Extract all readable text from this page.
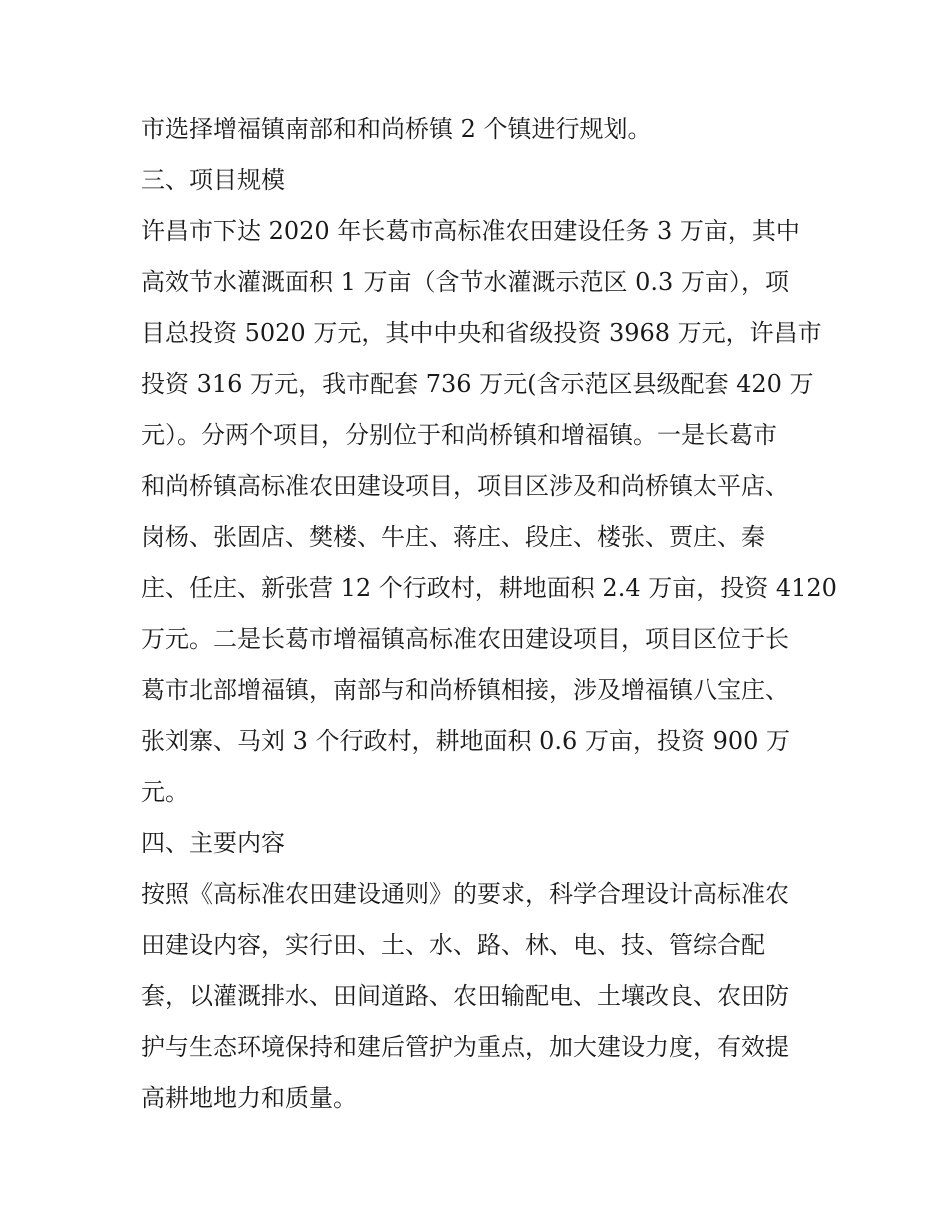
市选择增福镇南部和和尚桥镇 2 个镇进行规划。
三、项目规模
许昌市下达 2020 年长葛市高标准农田建设任务 3 万亩，其中
高效节水灌溉面积 1 万亩（含节水灌溉示范区 0.3 万亩），项
目总投资 5020 万元，其中中央和省级投资 3968 万元，许昌市
投资 316 万元，我市配套 736 万元(含示范区县级配套 420 万
元）。分两个项目，分别位于和尚桥镇和增福镇。一是长葛市
和尚桥镇高标准农田建设项目，项目区涉及和尚桥镇太平店、
岗杨、张固店、樊楼、牛庄、蒋庄、段庄、楼张、贾庄、秦
庄、任庄、新张营 12 个行政村，耕地面积 2.4 万亩，投资 4120
万元。二是长葛市增福镇高标准农田建设项目，项目区位于长
葛市北部增福镇，南部与和尚桥镇相接，涉及增福镇八宝庄、
张刘寨、马刘 3 个行政村，耕地面积 0.6 万亩，投资 900 万
元。
四、主要内容
按照《高标准农田建设通则》的要求，科学合理设计高标准农
田建设内容，实行田、土、水、路、林、电、技、管综合配
套，以灌溉排水、田间道路、农田输配电、土壤改良、农田防
护与生态环境保持和建后管护为重点，加大建设力度，有效提
高耕地地力和质量。
